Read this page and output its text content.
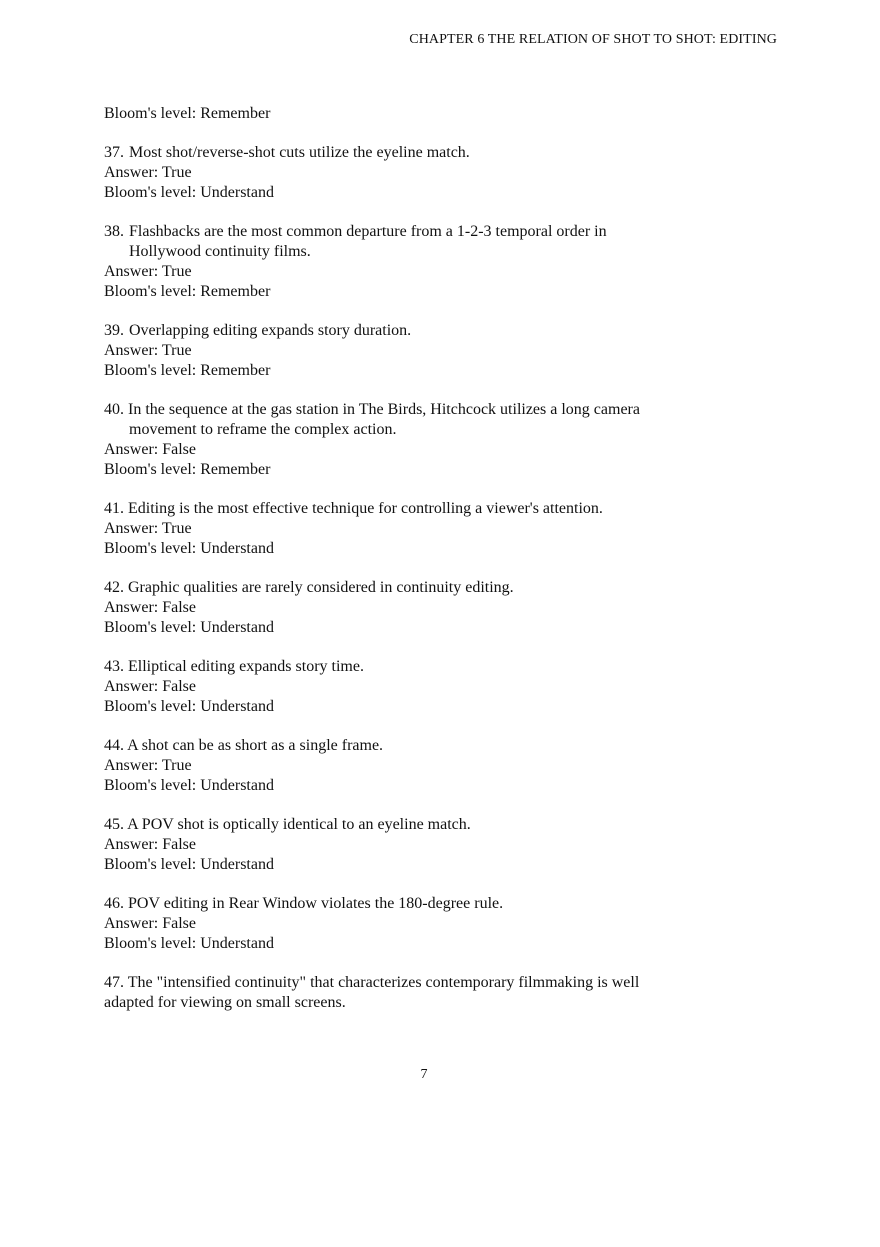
CHAPTER 6 THE RELATION OF SHOT TO SHOT: EDITING
Bloom's level: Remember
37. Most shot/reverse-shot cuts utilize the eyeline match.
Answer: True
Bloom's level: Understand
38. Flashbacks are the most common departure from a 1-2-3 temporal order in
Hollywood continuity films.
Answer: True
Bloom's level: Remember
39. Overlapping editing expands story duration.
Answer: True
Bloom's level: Remember
40. In the sequence at the gas station in The Birds, Hitchcock utilizes a long camera
movement to reframe the complex action.
Answer: False
Bloom's level: Remember
41. Editing is the most effective technique for controlling a viewer's attention.
Answer: True
Bloom's level: Understand
42. Graphic qualities are rarely considered in continuity editing.
Answer: False
Bloom's level: Understand
43. Elliptical editing expands story time.
Answer: False
Bloom's level: Understand
44. A shot can be as short as a single frame.
Answer: True
Bloom's level: Understand
45. A POV shot is optically identical to an eyeline match.
Answer: False
Bloom's level: Understand
46. POV editing in Rear Window violates the 180-degree rule.
Answer: False
Bloom's level: Understand
47. The "intensified continuity" that characterizes contemporary filmmaking is well
adapted for viewing on small screens.
7
